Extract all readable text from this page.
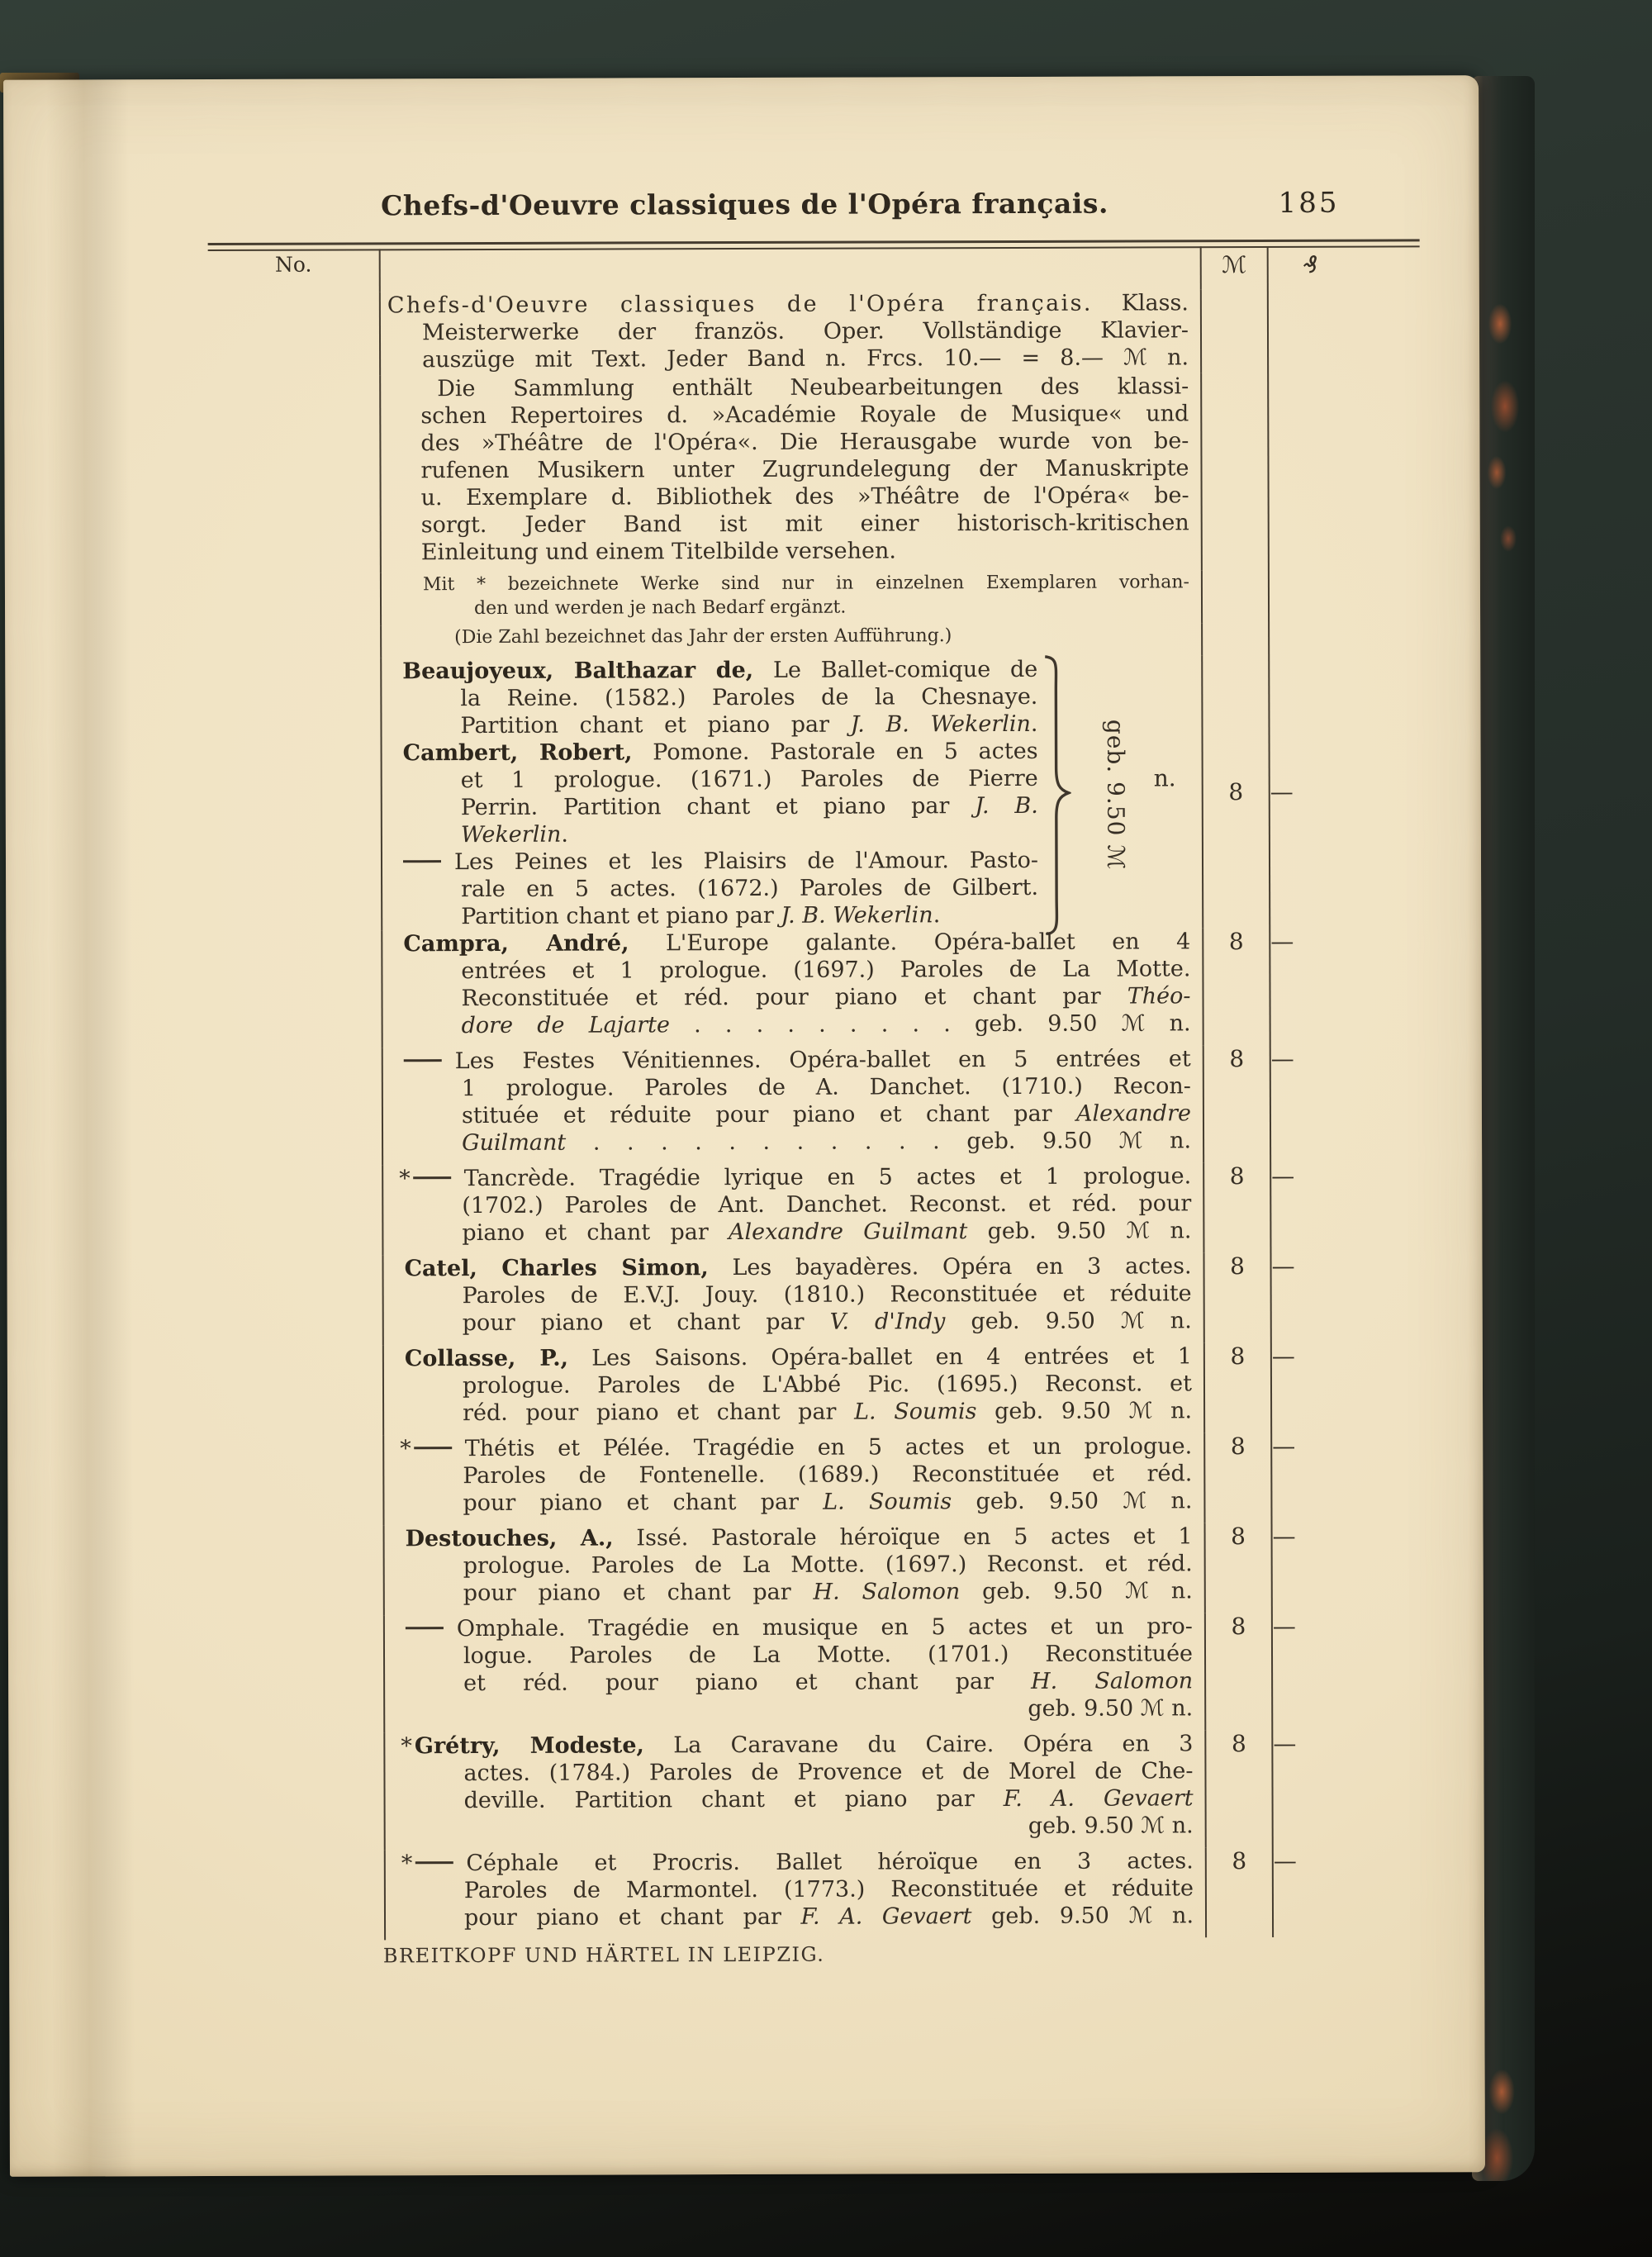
Chefs-d'Oeuvre classiques de l'Opéra français.	185
No.		ℳ	₰

	Chefs-d'Oeuvre classiques de l'Opéra français. Klass.
Meisterwerke der französ. Oper. Vollständige Klavier-
auszüge mit Text. Jeder Band n. Frcs. 10.— = 8.— ℳ n.		

Die Sammlung enthält Neubearbeitungen des klassi-
schen Repertoires d. »Académie Royale de Musique« und
des »Théâtre de l'Opéra«. Die Herausgabe wurde von be-
rufenen Musikern unter Zugrundelegung der Manuskripte
u. Exemplare d. Bibliothek des »Théâtre de l'Opéra« be-
sorgt. Jeder Band ist mit einer historisch-kritischen
Einleitung und einem Titelbilde versehen.

	Mit * bezeichnete Werke sind nur in einzelnen Exemplaren vorhan-
den und werden je nach Bedarf ergänzt.		

	(Die Zahl bezeichnet das Jahr der ersten Aufführung.)		

Beaujoyeux, Balthazar de, Le Ballet-comique de
la Reine. (1582.) Paroles de la Chesnaye.
Partition chant et piano par J. B. Wekerlin.
Cambert, Robert, Pomone. Pastorale en 5 actes
et 1 prologue. (1671.) Paroles de Pierre
Perrin. Partition chant et piano par J. B.
Wekerlin.
Les Peines et les Plaisirs de l'Amour. Pasto-
rale en 5 actes. (1672.) Paroles de Gilbert.
Partition chant et piano par J. B. Wekerlin.
geb. 9.50 ℳ
n.	8	—

	Campra, André, L'Europe galante. Opéra-ballet en 4
entrées et 1 prologue. (1697.) Paroles de La Motte.
Reconstituée et réd. pour piano et chant par Théo-
dore de Lajarte . . . . . . . . . geb. 9.50 ℳ n.	8	—

	Les Festes Vénitiennes. Opéra-ballet en 5 entrées et
1 prologue. Paroles de A. Danchet. (1710.) Recon-
stituée et réduite pour piano et chant par Alexandre
Guilmant . . . . . . . . . . . geb. 9.50 ℳ n.	8	—

	* Tancrède. Tragédie lyrique en 5 actes et 1 prologue.
(1702.) Paroles de Ant. Danchet. Reconst. et réd. pour
piano et chant par Alexandre Guilmant geb. 9.50 ℳ n.	8	—

	Catel, Charles Simon, Les bayadères. Opéra en 3 actes.
Paroles de E.V.J. Jouy. (1810.) Reconstituée et réduite
pour piano et chant par V. d'Indy geb. 9.50 ℳ n.	8	—

	Collasse, P., Les Saisons. Opéra-ballet en 4 entrées et 1
prologue. Paroles de L'Abbé Pic. (1695.) Reconst. et
réd. pour piano et chant par L. Soumis geb. 9.50 ℳ n.	8	—

	* Thétis et Pélée. Tragédie en 5 actes et un prologue.
Paroles de Fontenelle. (1689.) Reconstituée et réd.
pour piano et chant par L. Soumis geb. 9.50 ℳ n.	8	—

	Destouches, A., Issé. Pastorale héroïque en 5 actes et 1
prologue. Paroles de La Motte. (1697.) Reconst. et réd.
pour piano et chant par H. Salomon geb. 9.50 ℳ n.	8	—

	Omphale. Tragédie en musique en 5 actes et un pro-
logue. Paroles de La Motte. (1701.) Reconstituée
et réd. pour piano et chant par H. Salomon
geb. 9.50 ℳ n.	8	—

	* Grétry, Modeste, La Caravane du Caire. Opéra en 3
actes. (1784.) Paroles de Provence et de Morel de Che-
deville. Partition chant et piano par F. A. Gevaert
geb. 9.50 ℳ n.	8	—

	* Céphale et Procris. Ballet héroïque en 3 actes.
Paroles de Marmontel. (1773.) Reconstituée et réduite
pour piano et chant par F. A. Gevaert geb. 9.50 ℳ n.	8	—
BREITKOPF UND HÄRTEL IN LEIPZIG.
